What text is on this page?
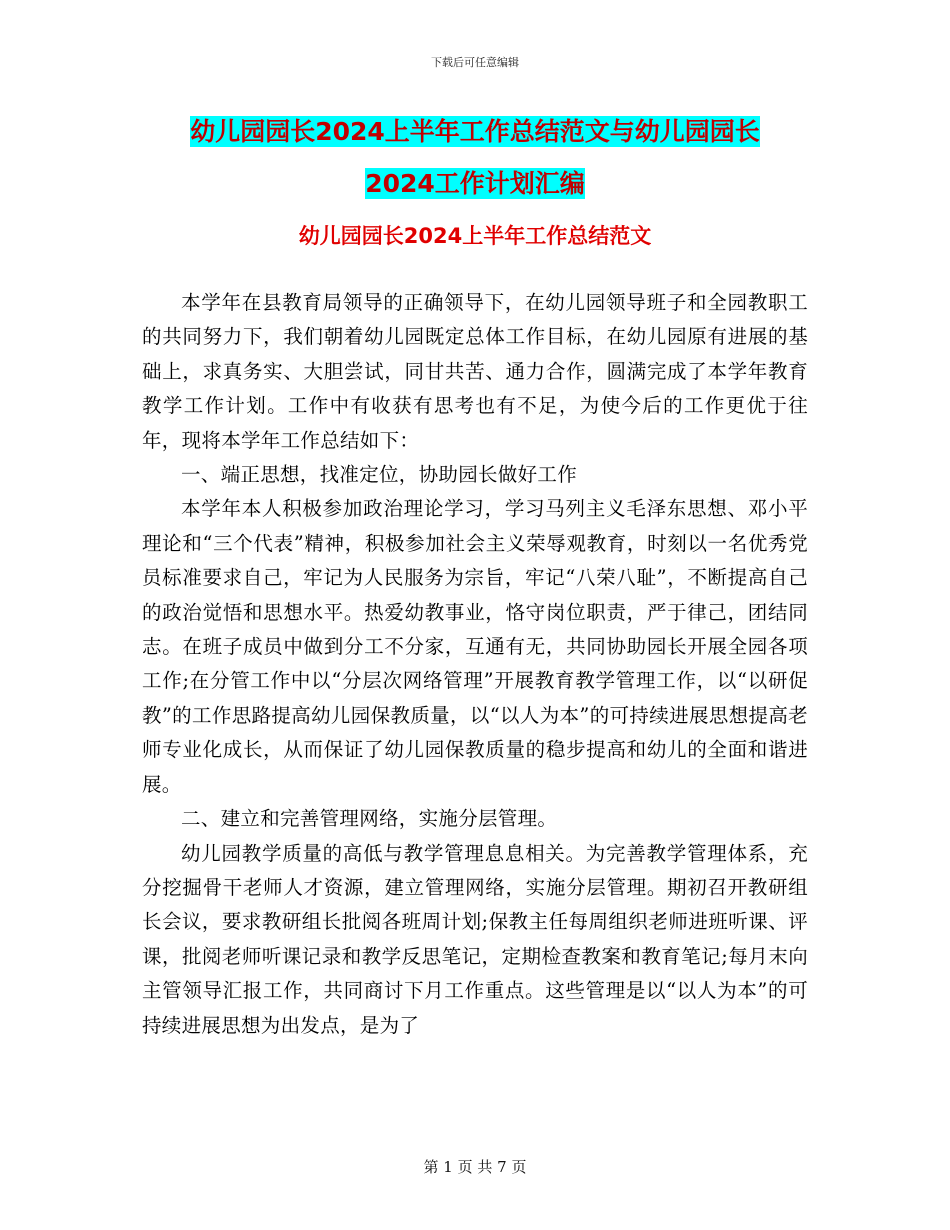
下载后可任意编辑
幼儿园园长2024上半年工作总结范文与幼儿园园长
2024工作计划汇编
幼儿园园长2024上半年工作总结范文

本学年在县教育局领导的正确领导下，在幼儿园领导班子和全园教职工的共同努力下，我们朝着幼儿园既定总体工作目标，在幼儿园原有进展的基础上，求真务实、大胆尝试，同甘共苦、通力合作，圆满完成了本学年教育教学工作计划。工作中有收获有思考也有不足，为使今后的工作更优于往年，现将本学年工作总结如下：

一、端正思想，找准定位，协助园长做好工作

本学年本人积极参加政治理论学习，学习马列主义毛泽东思想、邓小平理论和“三个代表”精神，积极参加社会主义荣辱观教育，时刻以一名优秀党员标准要求自己，牢记为人民服务为宗旨，牢记“八荣八耻”，不断提高自己的政治觉悟和思想水平。热爱幼教事业，恪守岗位职责，严于律己，团结同志。在班子成员中做到分工不分家，互通有无，共同协助园长开展全园各项工作;在分管工作中以“分层次网络管理”开展教育教学管理工作，以“以研促教”的工作思路提高幼儿园保教质量，以“以人为本”的可持续进展思想提高老师专业化成长，从而保证了幼儿园保教质量的稳步提高和幼儿的全面和谐进展。

二、建立和完善管理网络，实施分层管理。

幼儿园教学质量的高低与教学管理息息相关。为完善教学管理体系，充分挖掘骨干老师人才资源，建立管理网络，实施分层管理。期初召开教研组长会议，要求教研组长批阅各班周计划;保教主任每周组织老师进班听课、评课，批阅老师听课记录和教学反思笔记，定期检查教案和教育笔记;每月末向主管领导汇报工作，共同商讨下月工作重点。这些管理是以“以人为本”的可持续进展思想为出发点，是为了

第 1 页 共 7 页
